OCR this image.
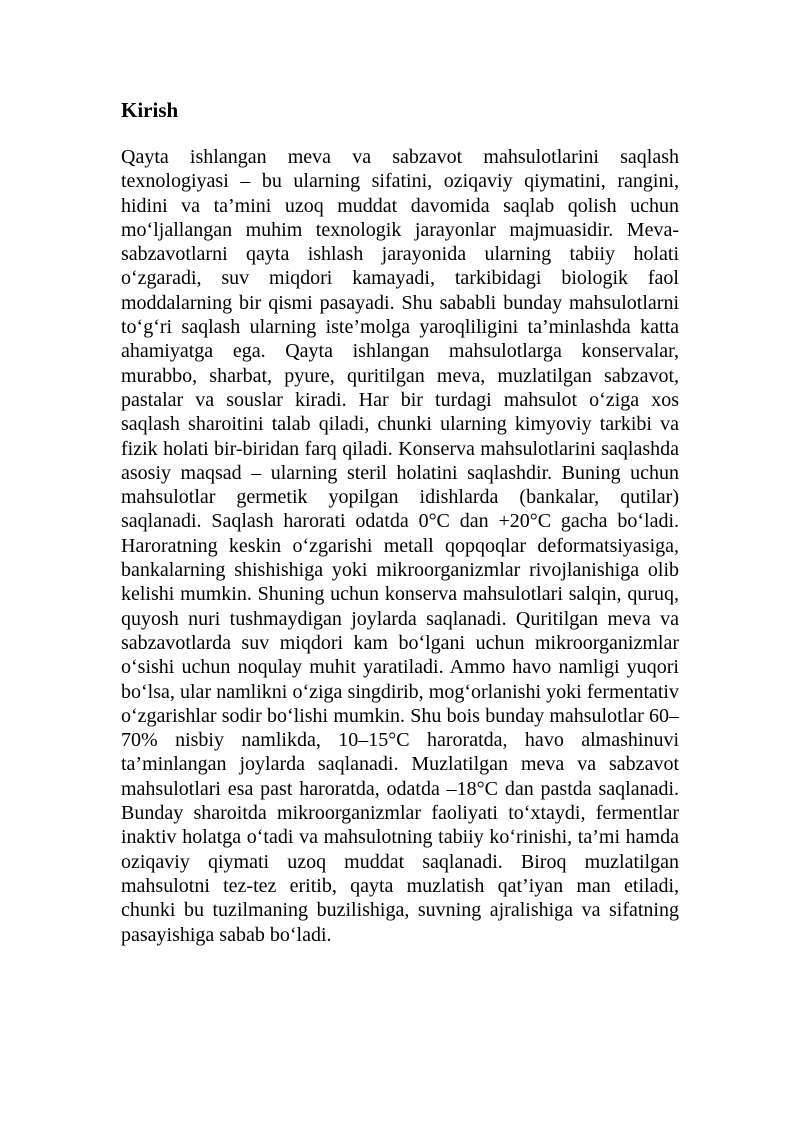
Kirish

Qayta ishlangan meva va sabzavot mahsulotlarini saqlash texnologiyasi – bu ularning sifatini, oziqaviy qiymatini, rangini, hidini va ta’mini uzoq muddat davomida saqlab qolish uchun mo‘ljallangan muhim texnologik jarayonlar majmuasidir. Meva-sabzavotlarni qayta ishlash jarayonida ularning tabiiy holati o‘zgaradi, suv miqdori kamayadi, tarkibidagi biologik faol moddalarning bir qismi pasayadi. Shu sababli bunday mahsulotlarni to‘g‘ri saqlash ularning iste’molga yaroqliligini ta’minlashda katta ahamiyatga ega. Qayta ishlangan mahsulotlarga konservalar, murabbo, sharbat, pyure, quritilgan meva, muzlatilgan sabzavot, pastalar va souslar kiradi. Har bir turdagi mahsulot o‘ziga xos saqlash sharoitini talab qiladi, chunki ularning kimyoviy tarkibi va fizik holati bir-biridan farq qiladi. Konserva mahsulotlarini saqlashda asosiy maqsad – ularning steril holatini saqlashdir. Buning uchun mahsulotlar germetik yopilgan idishlarda (bankalar, qutilar) saqlanadi. Saqlash harorati odatda 0°C dan +20°C gacha bo‘ladi. Haroratning keskin o‘zgarishi metall qopqoqlar deformatsiyasiga, bankalarning shishishiga yoki mikroorganizmlar rivojlanishiga olib kelishi mumkin. Shuning uchun konserva mahsulotlari salqin, quruq, quyosh nuri tushmaydigan joylarda saqlanadi. Quritilgan meva va sabzavotlarda suv miqdori kam bo‘lgani uchun mikroorganizmlar o‘sishi uchun noqulay muhit yaratiladi. Ammo havo namligi yuqori bo‘lsa, ular namlikni o‘ziga singdirib, mog‘orlanishi yoki fermentativ o‘zgarishlar sodir bo‘lishi mumkin. Shu bois bunday mahsulotlar 60–70% nisbiy namlikda, 10–15°C haroratda, havo almashinuvi ta’minlangan joylarda saqlanadi. Muzlatilgan meva va sabzavot mahsulotlari esa past haroratda, odatda –18°C dan pastda saqlanadi. Bunday sharoitda mikroorganizmlar faoliyati to‘xtaydi, fermentlar inaktiv holatga o‘tadi va mahsulotning tabiiy ko‘rinishi, ta’mi hamda oziqaviy qiymati uzoq muddat saqlanadi. Biroq muzlatilgan mahsulotni tez-tez eritib, qayta muzlatish qat’iyan man etiladi, chunki bu tuzilmaning buzilishiga, suvning ajralishiga va sifatning pasayishiga sabab bo‘ladi.
